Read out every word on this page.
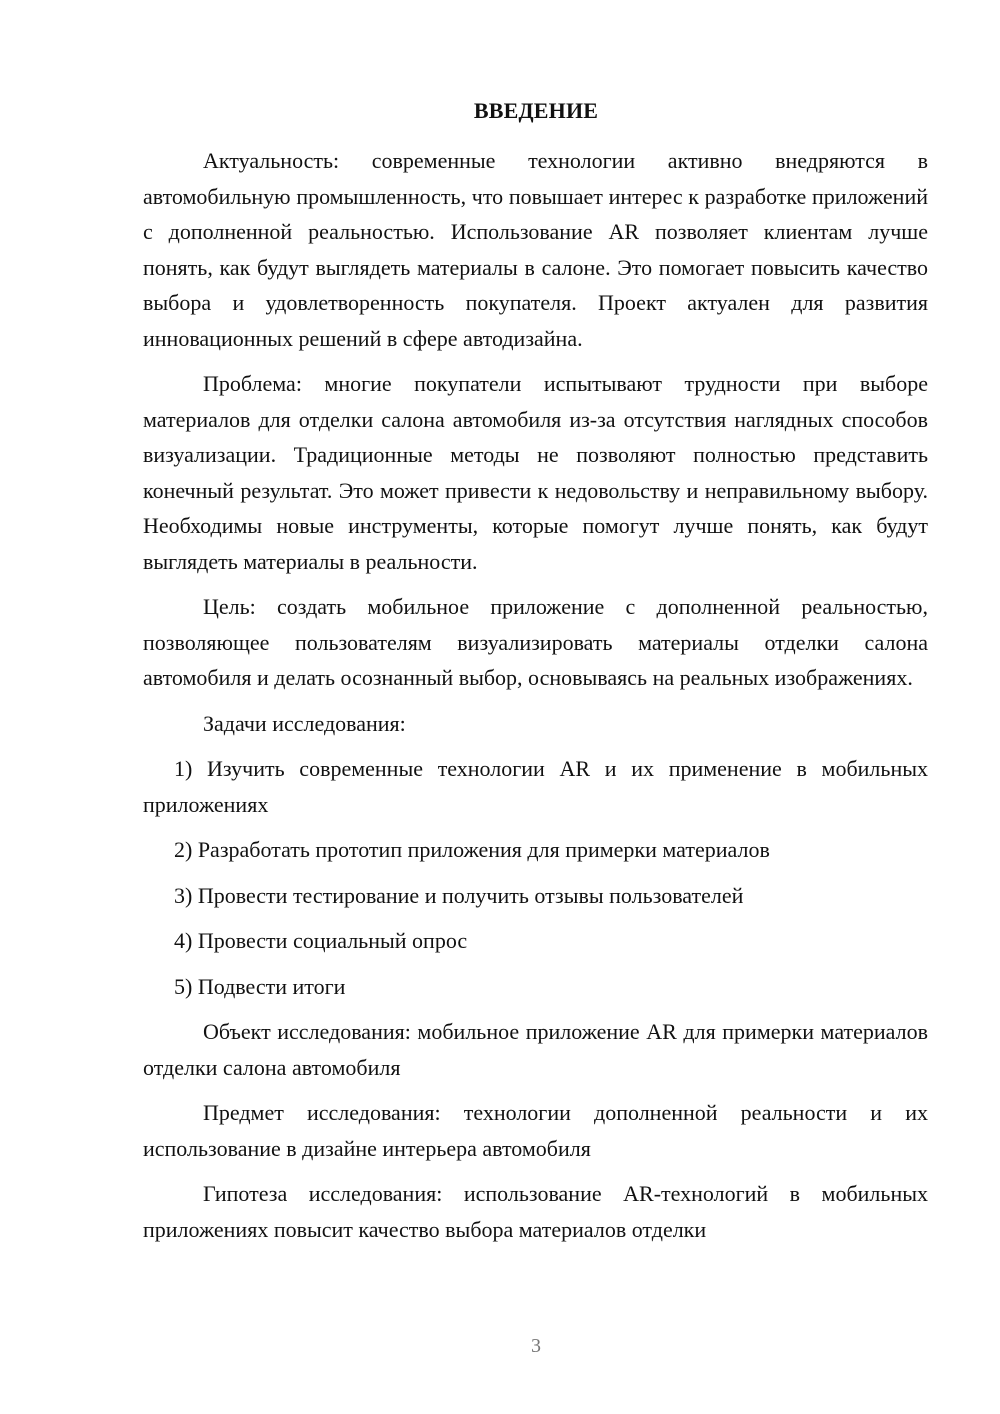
ВВЕДЕНИЕ

Актуальность: современные технологии активно внедряются в автомобильную промышленность, что повышает интерес к разработке приложений с дополненной реальностью. Использование AR позволяет клиентам лучше понять, как будут выглядеть материалы в салоне. Это помогает повысить качество выбора и удовлетворенность покупателя. Проект актуален для развития инновационных решений в сфере автодизайна.

Проблема: многие покупатели испытывают трудности при выборе материалов для отделки салона автомобиля из-за отсутствия наглядных способов визуализации. Традиционные методы не позволяют полностью представить конечный результат. Это может привести к недовольству и неправильному выбору. Необходимы новые инструменты, которые помогут лучше понять, как будут выглядеть материалы в реальности.

Цель: создать мобильное приложение с дополненной реальностью, позволяющее пользователям визуализировать материалы отделки салона автомобиля и делать осознанный выбор, основываясь на реальных изображениях.

Задачи исследования:

1) Изучить современные технологии AR и их применение в мобильных приложениях

2) Разработать прототип приложения для примерки материалов

3) Провести тестирование и получить отзывы пользователей

4) Провести социальный опрос

5) Подвести итоги

Объект исследования: мобильное приложение AR для примерки материалов отделки салона автомобиля

Предмет исследования: технологии дополненной реальности и их использование в дизайне интерьера автомобиля

Гипотеза исследования: использование AR-технологий в мобильных приложениях повысит качество выбора материалов отделки

3
